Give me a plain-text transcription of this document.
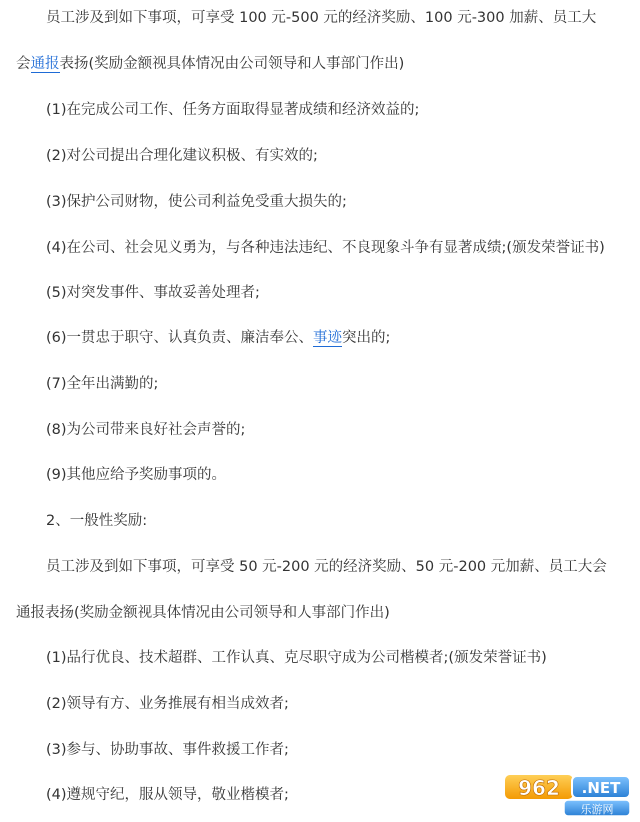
员工涉及到如下事项，可享受 100 元-500 元的经济奖励、100 元-300 加薪、员工大
会通报表扬(奖励金额视具体情况由公司领导和人事部门作出)
(1)在完成公司工作、任务方面取得显著成绩和经济效益的;
(2)对公司提出合理化建议积极、有实效的;
(3)保护公司财物，使公司利益免受重大损失的;
(4)在公司、社会见义勇为，与各种违法违纪、不良现象斗争有显著成绩;(颁发荣誉证书)
(5)对突发事件、事故妥善处理者;
(6)一贯忠于职守、认真负责、廉洁奉公、事迹突出的;
(7)全年出满勤的;
(8)为公司带来良好社会声誉的;
(9)其他应给予奖励事项的。
2、一般性奖励:
员工涉及到如下事项，可享受 50 元-200 元的经济奖励、50 元-200 元加薪、员工大会
通报表扬(奖励金额视具体情况由公司领导和人事部门作出)
(1)品行优良、技术超群、工作认真、克尽职守成为公司楷模者;(颁发荣誉证书)
(2)领导有方、业务推展有相当成效者;
(3)参与、协助事故、事件救援工作者;
(4)遵规守纪，服从领导，敬业楷模者;	962 .NET
乐游网
